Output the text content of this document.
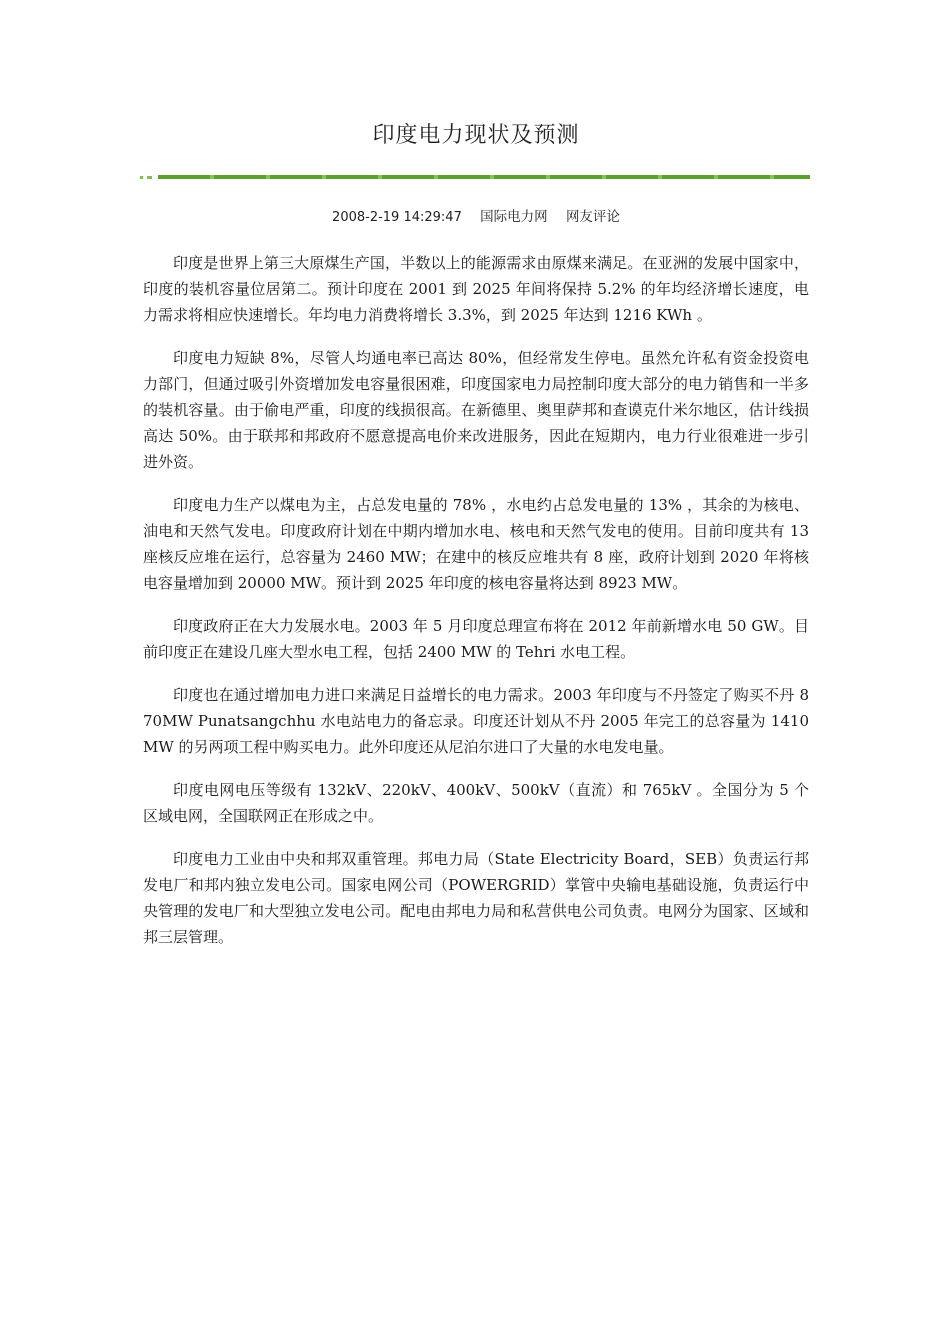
印度电力现状及预测
2008-2-19 14:29:47 国际电力网 网友评论

印度是世界上第三大原煤生产国，半数以上的能源需求由原煤来满足。在亚洲的发展中国家中，印度的装机容量位居第二。预计印度在 2001 到 2025 年间将保持 5.2% 的年均经济增长速度，电力需求将相应快速增长。年均电力消费将增长 3.3%，到 2025 年达到 1216 KWh 。

印度电力短缺 8%，尽管人均通电率已高达 80%，但经常发生停电。虽然允许私有资金投资电力部门，但通过吸引外资增加发电容量很困难，印度国家电力局控制印度大部分的电力销售和一半多的装机容量。由于偷电严重，印度的线损很高。在新德里、奥里萨邦和查谟克什米尔地区，估计线损高达 50%。由于联邦和邦政府不愿意提高电价来改进服务，因此在短期内，电力行业很难进一步引进外资。

印度电力生产以煤电为主，占总发电量的 78% ，水电约占总发电量的 13% ，其余的为核电、油电和天然气发电。印度政府计划在中期内增加水电、核电和天然气发电的使用。目前印度共有 13 座核反应堆在运行，总容量为 2460 MW；在建中的核反应堆共有 8 座，政府计划到 2020 年将核电容量增加到 20000 MW。预计到 2025 年印度的核电容量将达到 8923 MW。

印度政府正在大力发展水电。2003 年 5 月印度总理宣布将在 2012 年前新增水电 50 GW。目前印度正在建设几座大型水电工程，包括 2400 MW 的 Tehri 水电工程。

印度也在通过增加电力进口来满足日益增长的电力需求。2003 年印度与不丹签定了购买不丹 870MW Punatsangchhu 水电站电力的备忘录。印度还计划从不丹 2005 年完工的总容量为 1410 MW 的另两项工程中购买电力。此外印度还从尼泊尔进口了大量的水电发电量。

印度电网电压等级有 132kV、220kV、400kV、500kV（直流）和 765kV 。全国分为 5 个区域电网，全国联网正在形成之中。

印度电力工业由中央和邦双重管理。邦电力局（State Electricity Board，SEB）负责运行邦发电厂和邦内独立发电公司。国家电网公司（POWERGRID）掌管中央输电基础设施，负责运行中央管理的发电厂和大型独立发电公司。配电由邦电力局和私营供电公司负责。电网分为国家、区域和邦三层管理。
